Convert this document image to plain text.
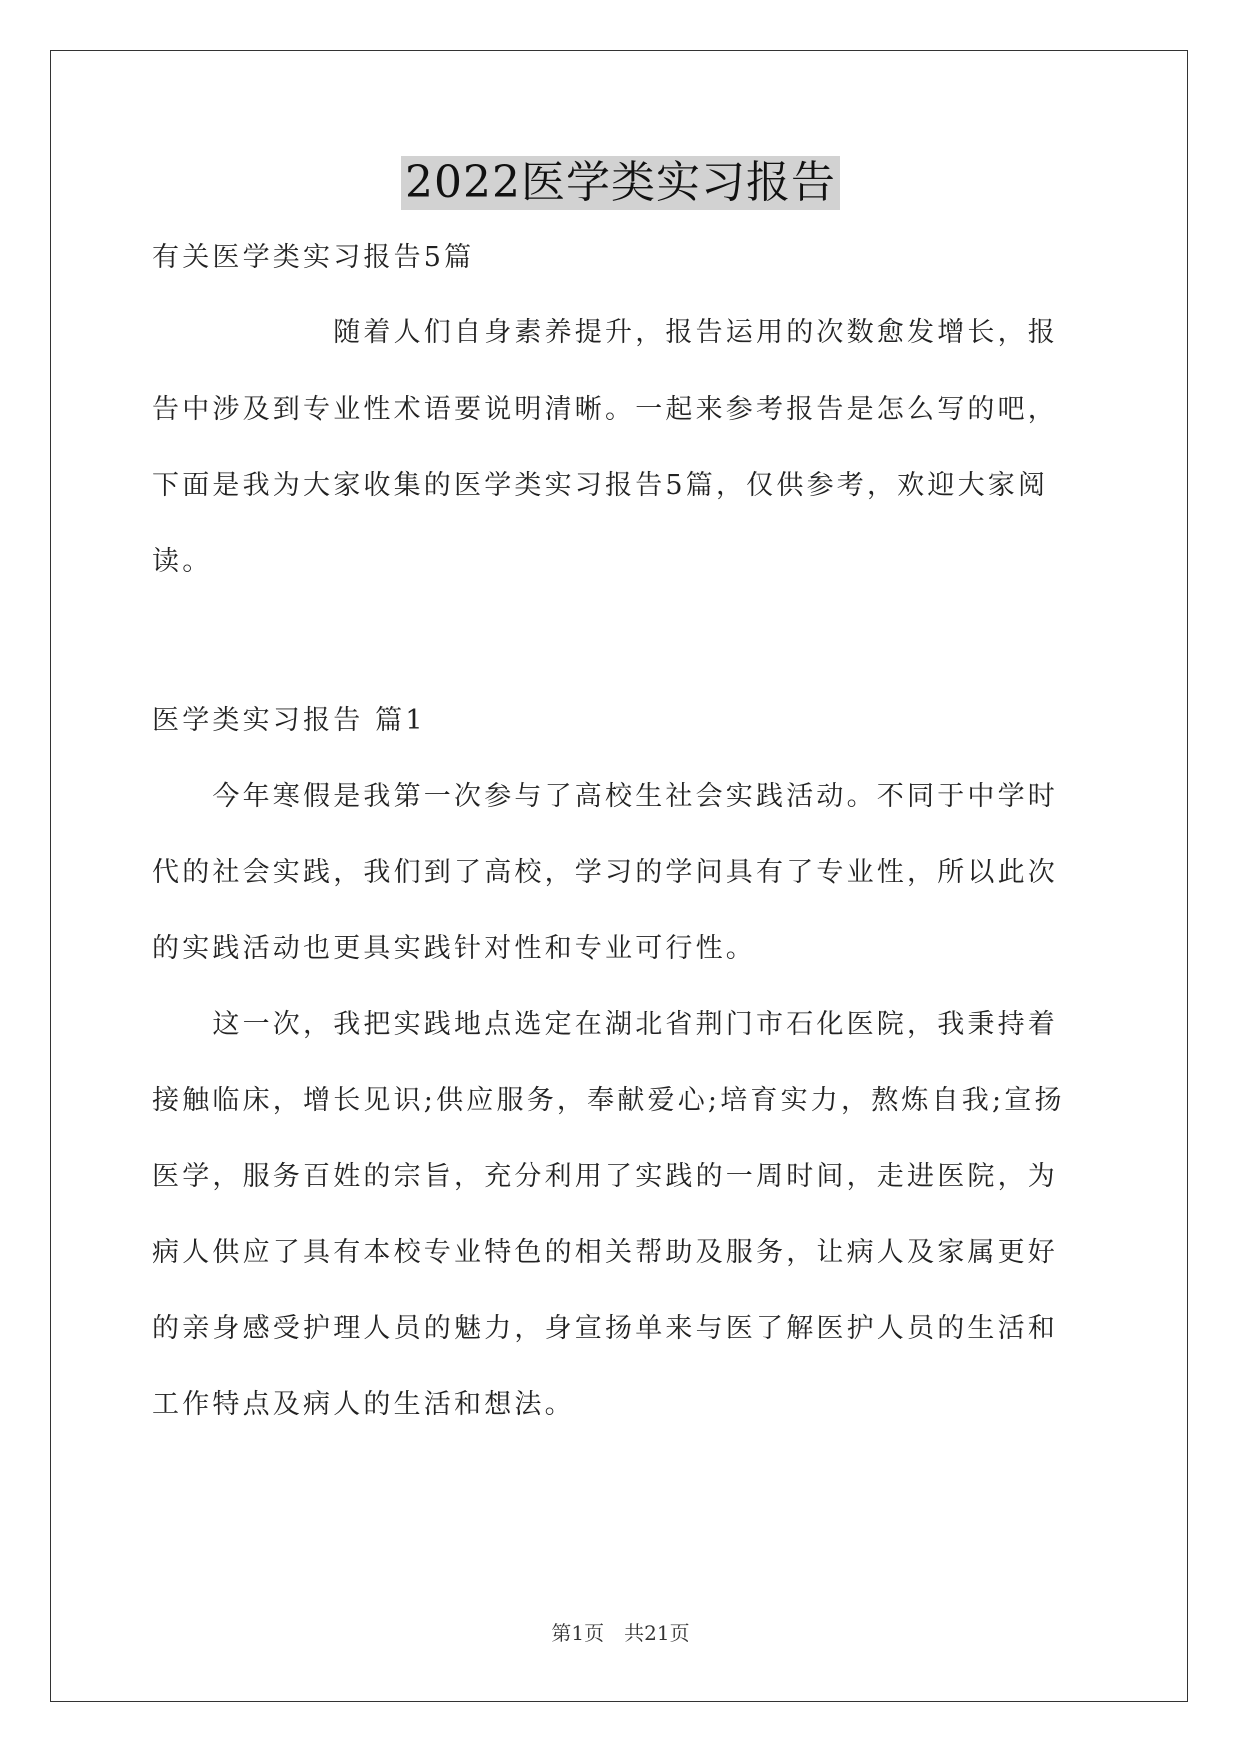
2022医学类实习报告
有关医学类实习报告5篇
　　　　　　随着人们自身素养提升，报告运用的次数愈发增长，报
告中涉及到专业性术语要说明清晰。一起来参考报告是怎么写的吧，
下面是我为大家收集的医学类实习报告5篇，仅供参考，欢迎大家阅
读。
医学类实习报告 篇1
　　今年寒假是我第一次参与了高校生社会实践活动。不同于中学时
代的社会实践，我们到了高校，学习的学问具有了专业性，所以此次
的实践活动也更具实践针对性和专业可行性。
　　这一次，我把实践地点选定在湖北省荆门市石化医院，我秉持着
接触临床，增长见识;供应服务，奉献爱心;培育实力，熬炼自我;宣扬
医学，服务百姓的宗旨，充分利用了实践的一周时间，走进医院，为
病人供应了具有本校专业特色的相关帮助及服务，让病人及家属更好
的亲身感受护理人员的魅力，身宣扬单来与医了解医护人员的生活和
工作特点及病人的生活和想法。
第1页　共21页
